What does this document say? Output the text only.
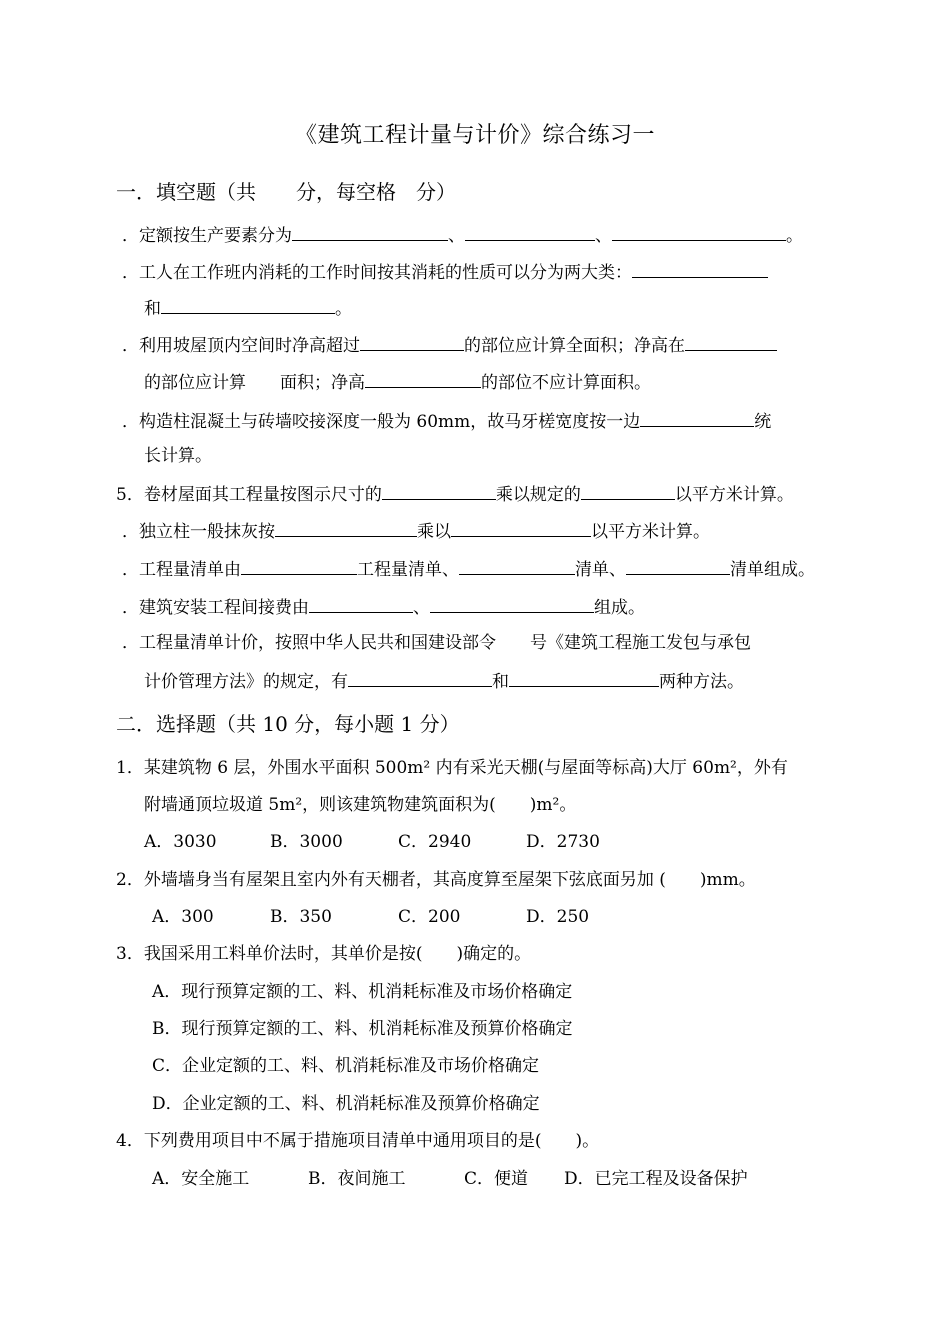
《建筑工程计量与计价》综合练习一
一．填空题（共　　分，每空格　分）
．定额按生产要素分为	、	、	。
．工人在工作班内消耗的工作时间按其消耗的性质可以分为两大类：
和	。
．利用坡屋顶内空间时净高超过	的部位应计算全面积；净高在
的部位应计算　　面积；净高	的部位不应计算面积。
．构造柱混凝土与砖墙咬接深度一般为 60mm，故马牙槎宽度按一边	统
长计算。
5．卷材屋面其工程量按图示尺寸的	乘以规定的	以平方米计算。
．独立柱一般抹灰按	乘以	以平方米计算。
．工程量清单由	工程量清单、	清单、	清单组成。
．建筑安装工程间接费由	、	组成。
．工程量清单计价，按照中华人民共和国建设部令　　号《建筑工程施工发包与承包
计价管理方法》的规定，有	和	两种方法。
二．选择题（共 10 分，每小题 1 分）
1．某建筑物 6 层，外围水平面积 500m² 内有采光天棚(与屋面等标高)大厅 60m²，外有
附墙通顶垃圾道 5m²，则该建筑物建筑面积为(　　)m²。
A．3030	B．3000	C．2940	D．2730
2．外墙墙身当有屋架且室内外有天棚者，其高度算至屋架下弦底面另加 (　　)mm。
A．300	B．350	C．200	D．250
3．我国采用工料单价法时，其单价是按(　　)确定的。
A．现行预算定额的工、料、机消耗标准及市场价格确定
B．现行预算定额的工、料、机消耗标准及预算价格确定
C．企业定额的工、料、机消耗标准及市场价格确定
D．企业定额的工、料、机消耗标准及预算价格确定
4．下列费用项目中不属于措施项目清单中通用项目的是(　　)。
A．安全施工	B．夜间施工	C．便道 D．已完工程及设备保护
